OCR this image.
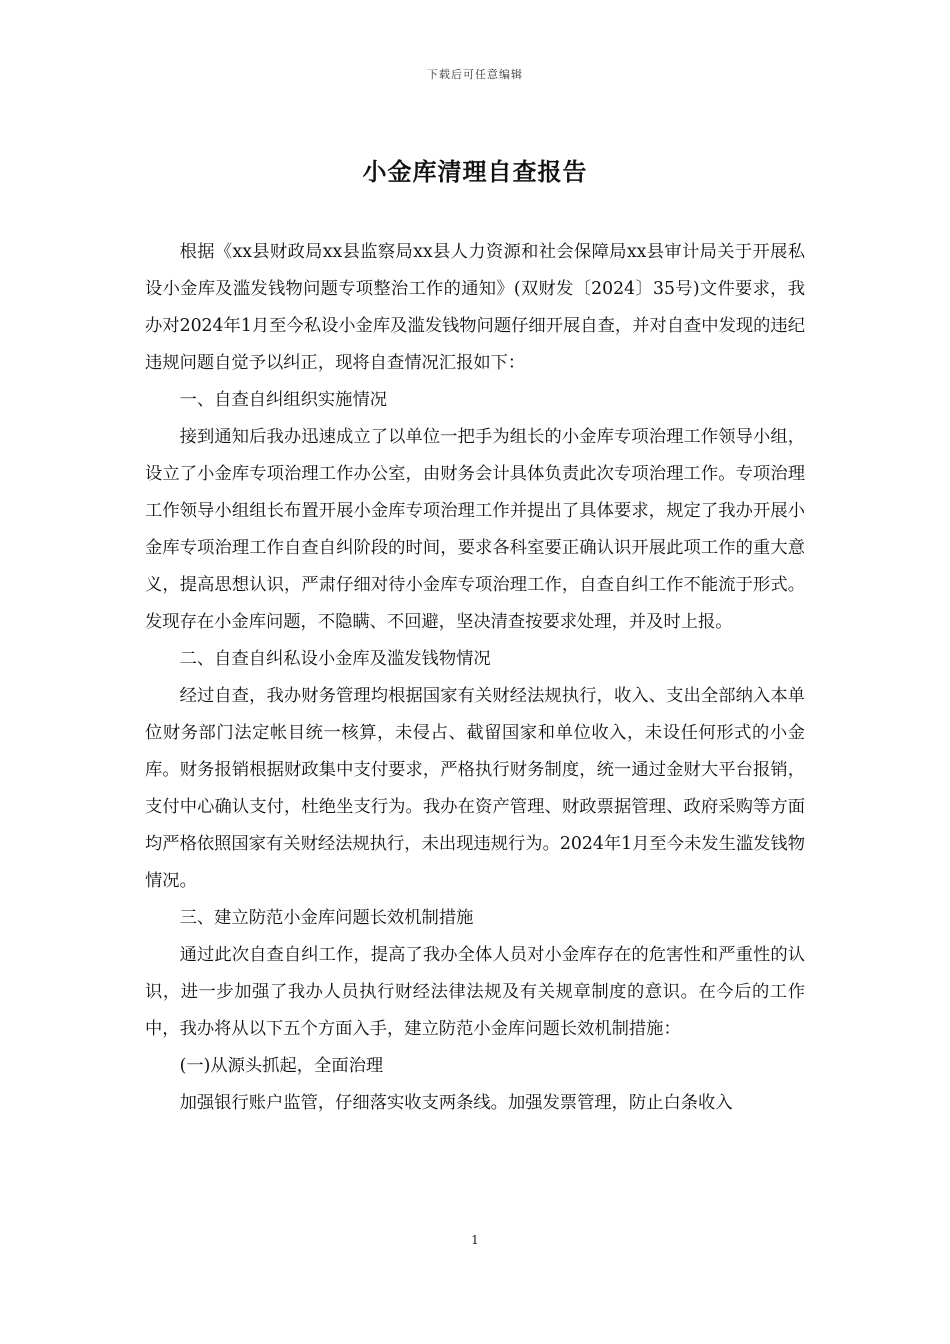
下载后可任意编辑
小金库清理自查报告

根据《xx县财政局xx县监察局xx县人力资源和社会保障局xx县审计局关于开展私设小金库及滥发钱物问题专项整治工作的通知》(双财发〔2024〕35号)文件要求，我办对2024年1月至今私设小金库及滥发钱物问题仔细开展自查，并对自查中发现的违纪违规问题自觉予以纠正，现将自查情况汇报如下：

一、自查自纠组织实施情况

接到通知后我办迅速成立了以单位一把手为组长的小金库专项治理工作领导小组，设立了小金库专项治理工作办公室，由财务会计具体负责此次专项治理工作。专项治理工作领导小组组长布置开展小金库专项治理工作并提出了具体要求，规定了我办开展小金库专项治理工作自查自纠阶段的时间，要求各科室要正确认识开展此项工作的重大意义，提高思想认识，严肃仔细对待小金库专项治理工作，自查自纠工作不能流于形式。发现存在小金库问题，不隐瞒、不回避，坚决清查按要求处理，并及时上报。

二、自查自纠私设小金库及滥发钱物情况

经过自查，我办财务管理均根据国家有关财经法规执行，收入、支出全部纳入本单位财务部门法定帐目统一核算，未侵占、截留国家和单位收入，未设任何形式的小金库。财务报销根据财政集中支付要求，严格执行财务制度，统一通过金财大平台报销，支付中心确认支付，杜绝坐支行为。我办在资产管理、财政票据管理、政府采购等方面均严格依照国家有关财经法规执行，未出现违规行为。2024年1月至今未发生滥发钱物情况。

三、建立防范小金库问题长效机制措施

通过此次自查自纠工作，提高了我办全体人员对小金库存在的危害性和严重性的认识，进一步加强了我办人员执行财经法律法规及有关规章制度的意识。在今后的工作中，我办将从以下五个方面入手，建立防范小金库问题长效机制措施：

(一)从源头抓起，全面治理

加强银行账户监管，仔细落实收支两条线。加强发票管理，防止白条收入

1
